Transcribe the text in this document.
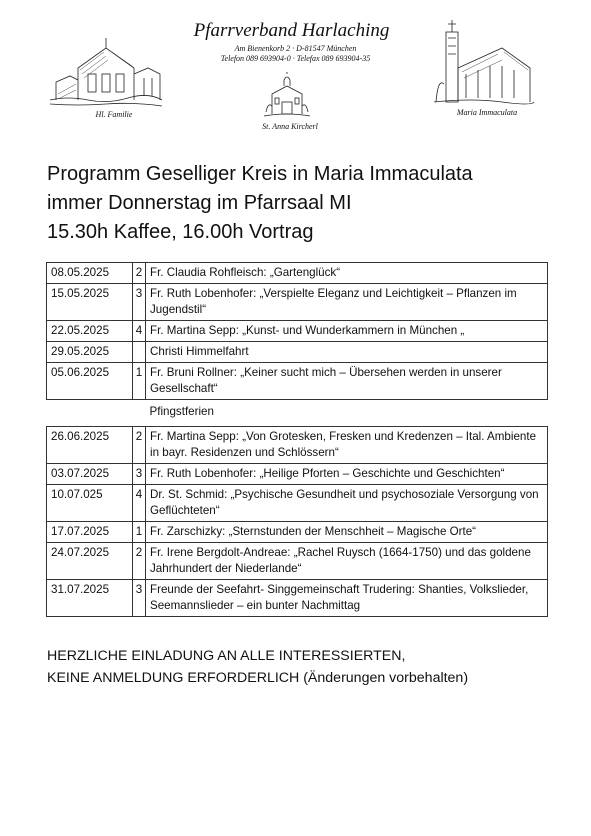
Pfarrverband Harlaching
Am Bienenkorb 2 · D-81547 München
Telefon 089 693904-0 · Telefax 089 693904-35
Hl. Familie
St. Anna Kircherl
Maria Immaculata
Programm Geselliger Kreis in Maria Immaculata
immer Donnerstag im Pfarrsaal MI
15.30h Kaffee, 16.00h Vortrag
08.05.2025	2	Fr. Claudia Rohfleisch: „Gartenglück“
15.05.2025	3	Fr. Ruth Lobenhofer: „Verspielte Eleganz und Leichtigkeit – Pflanzen im Jugendstil“
22.05.2025	4	Fr. Martina Sepp: „Kunst- und Wunderkammern in München „
29.05.2025		Christi Himmelfahrt
05.06.2025	1	Fr. Bruni Rollner: „Keiner sucht mich – Übersehen werden in unserer Gesellschaft“
		Pfingstferien
26.06.2025	2	Fr. Martina Sepp: „Von Grotesken, Fresken und Kredenzen – Ital. Ambiente in bayr. Residenzen und Schlössern“
03.07.2025	3	Fr. Ruth Lobenhofer: „Heilige Pforten – Geschichte und Geschichten“
10.07.025	4	Dr. St. Schmid: „Psychische Gesundheit und psychosoziale Versorgung von Geflüchteten“
17.07.2025	1	Fr. Zarschizky: „Sternstunden der Menschheit – Magische Orte“
24.07.2025	2	Fr. Irene Bergdolt-Andreae: „Rachel Ruysch (1664-1750) und das goldene Jahrhundert der Niederlande“
31.07.2025	3	Freunde der Seefahrt- Singgemeinschaft Trudering: Shanties, Volkslieder, Seemannslieder – ein bunter Nachmittag
HERZLICHE EINLADUNG AN ALLE INTERESSIERTEN,
KEINE ANMELDUNG ERFORDERLICH (Änderungen vorbehalten)
